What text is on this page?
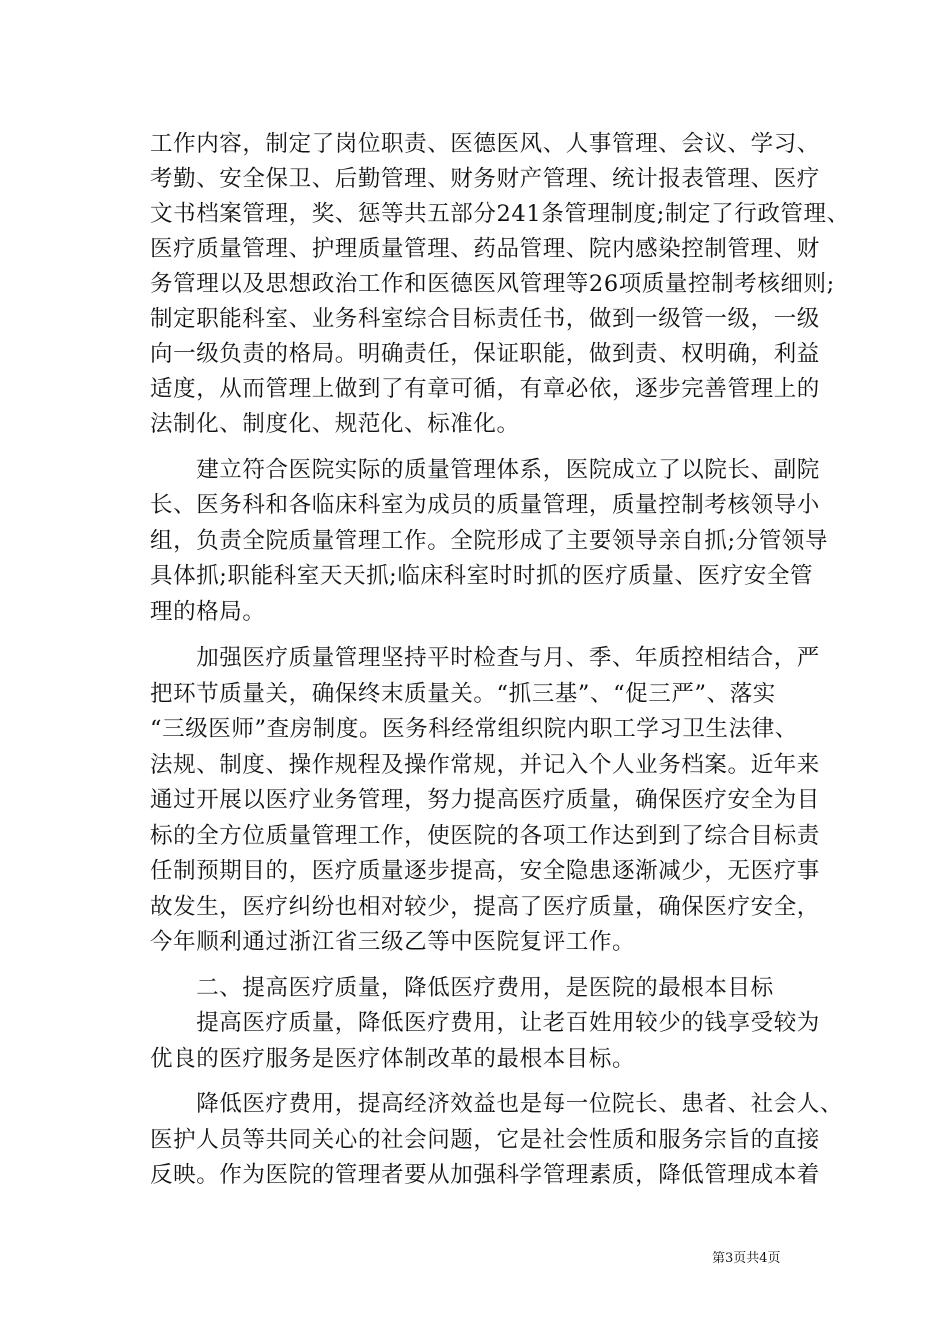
工作内容，制定了岗位职责、医德医风、人事管理、会议、学习、
考勤、安全保卫、后勤管理、财务财产管理、统计报表管理、医疗
文书档案管理，奖、惩等共五部分241条管理制度;制定了行政管理、
医疗质量管理、护理质量管理、药品管理、院内感染控制管理、财
务管理以及思想政治工作和医德医风管理等26项质量控制考核细则;
制定职能科室、业务科室综合目标责任书，做到一级管一级，一级
向一级负责的格局。明确责任，保证职能，做到责、权明确，利益
适度，从而管理上做到了有章可循，有章必依，逐步完善管理上的
法制化、制度化、规范化、标准化。
　　建立符合医院实际的质量管理体系，医院成立了以院长、副院
长、医务科和各临床科室为成员的质量管理，质量控制考核领导小
组，负责全院质量管理工作。全院形成了主要领导亲自抓;分管领导
具体抓;职能科室天天抓;临床科室时时抓的医疗质量、医疗安全管
理的格局。
　　加强医疗质量管理坚持平时检查与月、季、年质控相结合，严
把环节质量关，确保终末质量关。“抓三基”、“促三严”、落实
“三级医师”查房制度。医务科经常组织院内职工学习卫生法律、
法规、制度、操作规程及操作常规，并记入个人业务档案。近年来
通过开展以医疗业务管理，努力提高医疗质量，确保医疗安全为目
标的全方位质量管理工作，使医院的各项工作达到到了综合目标责
任制预期目的，医疗质量逐步提高，安全隐患逐渐减少，无医疗事
故发生，医疗纠纷也相对较少，提高了医疗质量，确保医疗安全，
今年顺利通过浙江省三级乙等中医院复评工作。
　　二、提高医疗质量，降低医疗费用，是医院的最根本目标
　　提高医疗质量，降低医疗费用，让老百姓用较少的钱享受较为
优良的医疗服务是医疗体制改革的最根本目标。
　　降低医疗费用，提高经济效益也是每一位院长、患者、社会人、
医护人员等共同关心的社会问题，它是社会性质和服务宗旨的直接
反映。作为医院的管理者要从加强科学管理素质，降低管理成本着
第3页共4页
